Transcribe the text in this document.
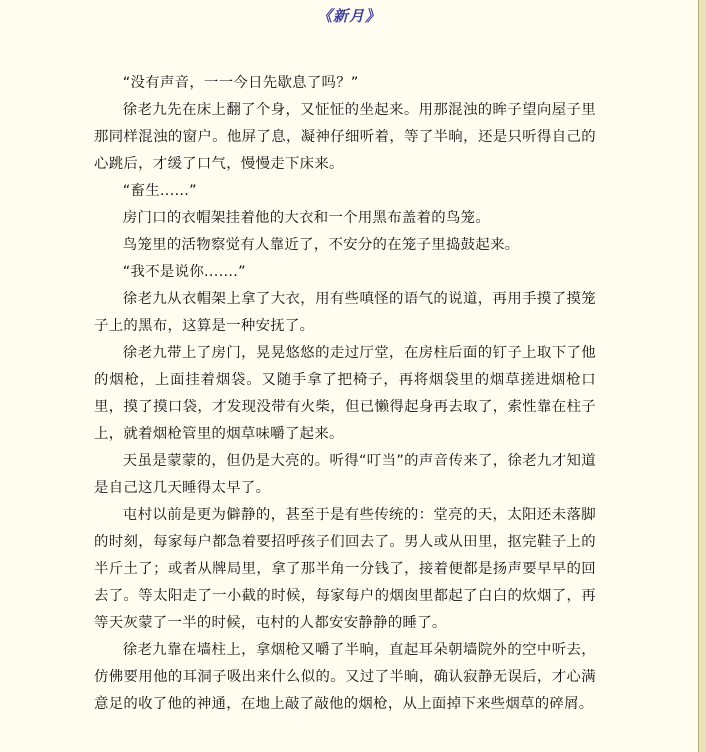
《新月》

“没有声音，一一今日先歇息了吗？”

徐老九先在床上翻了个身，又怔怔的坐起来。用那混浊的眸子望向屋子里那同样混浊的窗户。他屏了息，凝神仔细听着，等了半晌，还是只听得自己的心跳后，才缓了口气，慢慢走下床来。

“畜生......”

房门口的衣帽架挂着他的大衣和一个用黑布盖着的鸟笼。

鸟笼里的活物察觉有人靠近了，不安分的在笼子里捣鼓起来。

“我不是说你.......”

徐老九从衣帽架上拿了大衣，用有些嗔怪的语气的说道，再用手摸了摸笼子上的黑布，这算是一种安抚了。

徐老九带上了房门，晃晃悠悠的走过厅堂，在房柱后面的钉子上取下了他的烟枪，上面挂着烟袋。又随手拿了把椅子，再将烟袋里的烟草搓进烟枪口里，摸了摸口袋，才发现没带有火柴，但已懒得起身再去取了，索性靠在柱子上，就着烟枪管里的烟草味嚼了起来。

天虽是蒙蒙的，但仍是大亮的。听得“叮当”的声音传来了，徐老九才知道是自己这几天睡得太早了。

屯村以前是更为僻静的，甚至于是有些传统的：堂亮的天，太阳还未落脚的时刻，每家每户都急着要招呼孩子们回去了。男人或从田里，抠完鞋子上的半斤土了；或者从牌局里，拿了那半角一分钱了，接着便都是扬声要早早的回去了。等太阳走了一小截的时候，每家每户的烟囱里都起了白白的炊烟了，再等天灰蒙了一半的时候，屯村的人都安安静静的睡了。

徐老九靠在墙柱上，拿烟枪又嚼了半晌，直起耳朵朝墙院外的空中听去，仿佛要用他的耳洞子吸出来什么似的。又过了半晌，确认寂静无误后，才心满意足的收了他的神通，在地上敲了敲他的烟枪，从上面掉下来些烟草的碎屑。
